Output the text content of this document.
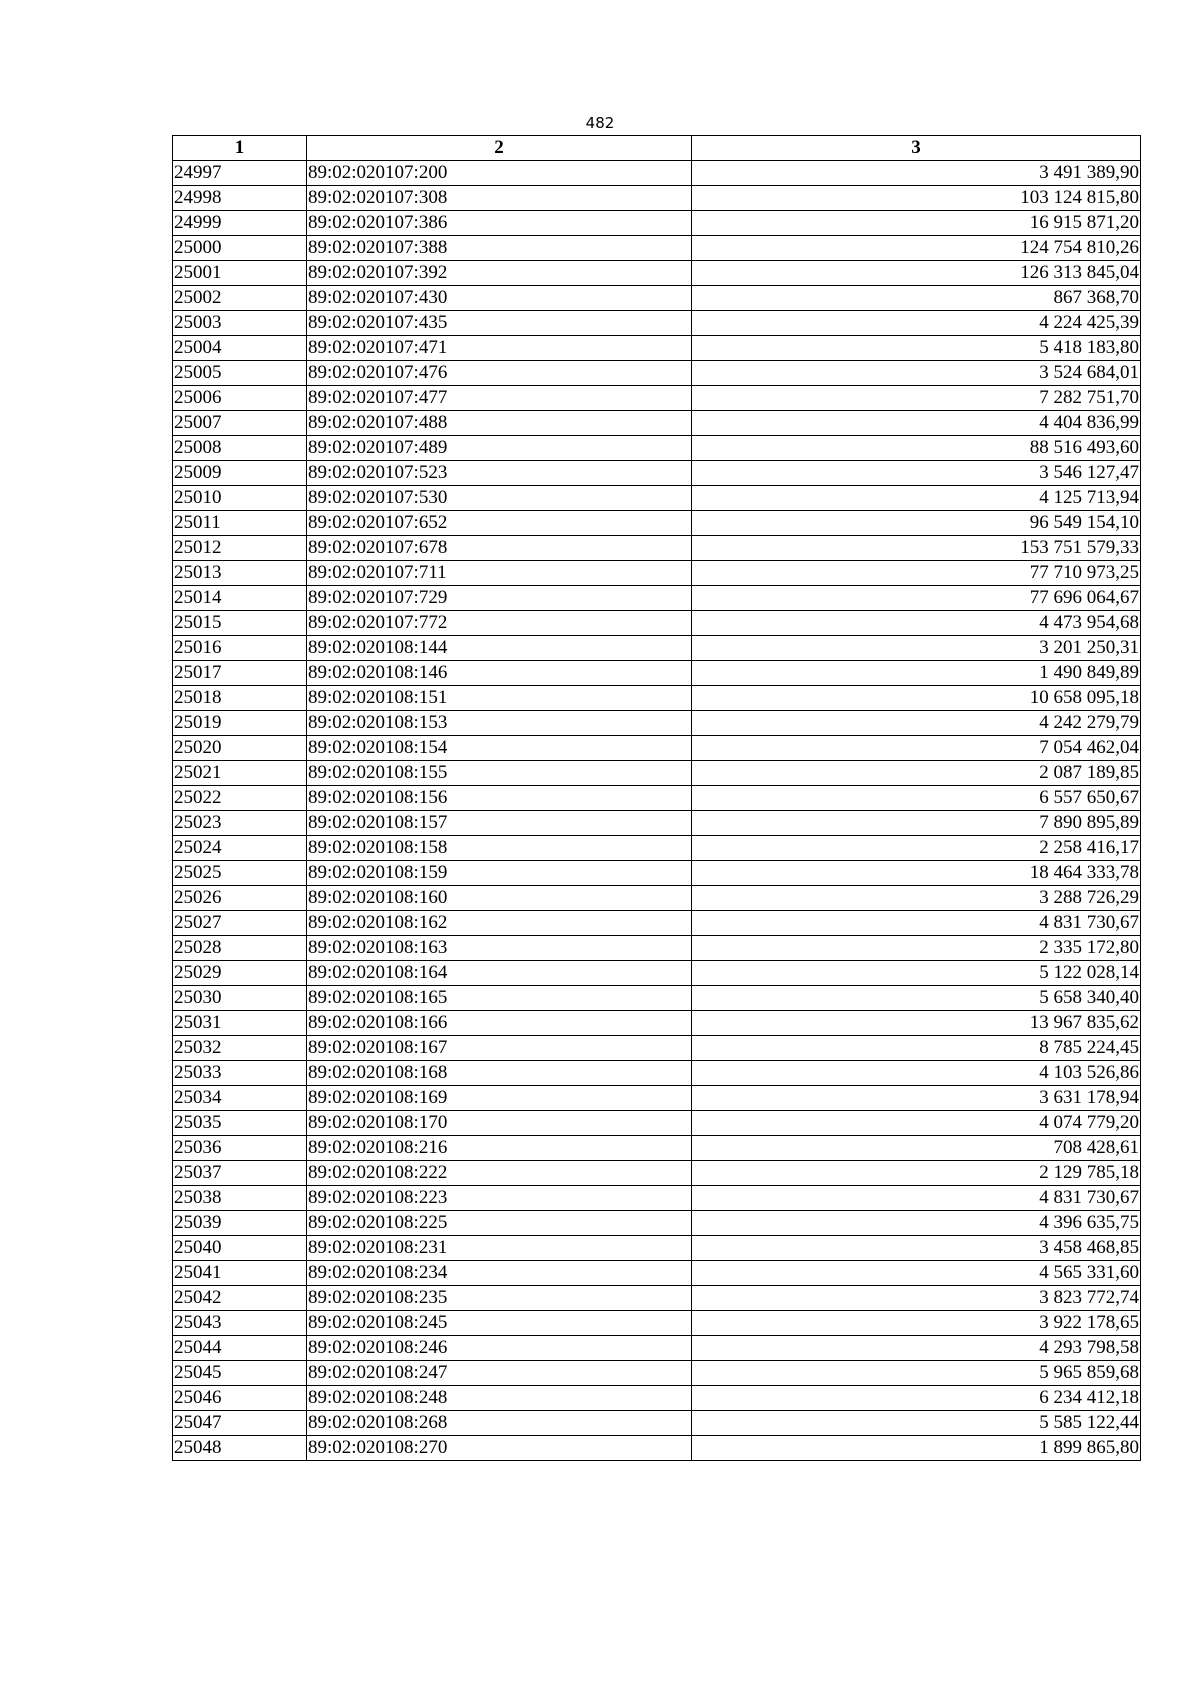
482
1	2	3
24997	89:02:020107:200	3 491 389,90
24998	89:02:020107:308	103 124 815,80
24999	89:02:020107:386	16 915 871,20
25000	89:02:020107:388	124 754 810,26
25001	89:02:020107:392	126 313 845,04
25002	89:02:020107:430	867 368,70
25003	89:02:020107:435	4 224 425,39
25004	89:02:020107:471	5 418 183,80
25005	89:02:020107:476	3 524 684,01
25006	89:02:020107:477	7 282 751,70
25007	89:02:020107:488	4 404 836,99
25008	89:02:020107:489	88 516 493,60
25009	89:02:020107:523	3 546 127,47
25010	89:02:020107:530	4 125 713,94
25011	89:02:020107:652	96 549 154,10
25012	89:02:020107:678	153 751 579,33
25013	89:02:020107:711	77 710 973,25
25014	89:02:020107:729	77 696 064,67
25015	89:02:020107:772	4 473 954,68
25016	89:02:020108:144	3 201 250,31
25017	89:02:020108:146	1 490 849,89
25018	89:02:020108:151	10 658 095,18
25019	89:02:020108:153	4 242 279,79
25020	89:02:020108:154	7 054 462,04
25021	89:02:020108:155	2 087 189,85
25022	89:02:020108:156	6 557 650,67
25023	89:02:020108:157	7 890 895,89
25024	89:02:020108:158	2 258 416,17
25025	89:02:020108:159	18 464 333,78
25026	89:02:020108:160	3 288 726,29
25027	89:02:020108:162	4 831 730,67
25028	89:02:020108:163	2 335 172,80
25029	89:02:020108:164	5 122 028,14
25030	89:02:020108:165	5 658 340,40
25031	89:02:020108:166	13 967 835,62
25032	89:02:020108:167	8 785 224,45
25033	89:02:020108:168	4 103 526,86
25034	89:02:020108:169	3 631 178,94
25035	89:02:020108:170	4 074 779,20
25036	89:02:020108:216	708 428,61
25037	89:02:020108:222	2 129 785,18
25038	89:02:020108:223	4 831 730,67
25039	89:02:020108:225	4 396 635,75
25040	89:02:020108:231	3 458 468,85
25041	89:02:020108:234	4 565 331,60
25042	89:02:020108:235	3 823 772,74
25043	89:02:020108:245	3 922 178,65
25044	89:02:020108:246	4 293 798,58
25045	89:02:020108:247	5 965 859,68
25046	89:02:020108:248	6 234 412,18
25047	89:02:020108:268	5 585 122,44
25048	89:02:020108:270	1 899 865,80
